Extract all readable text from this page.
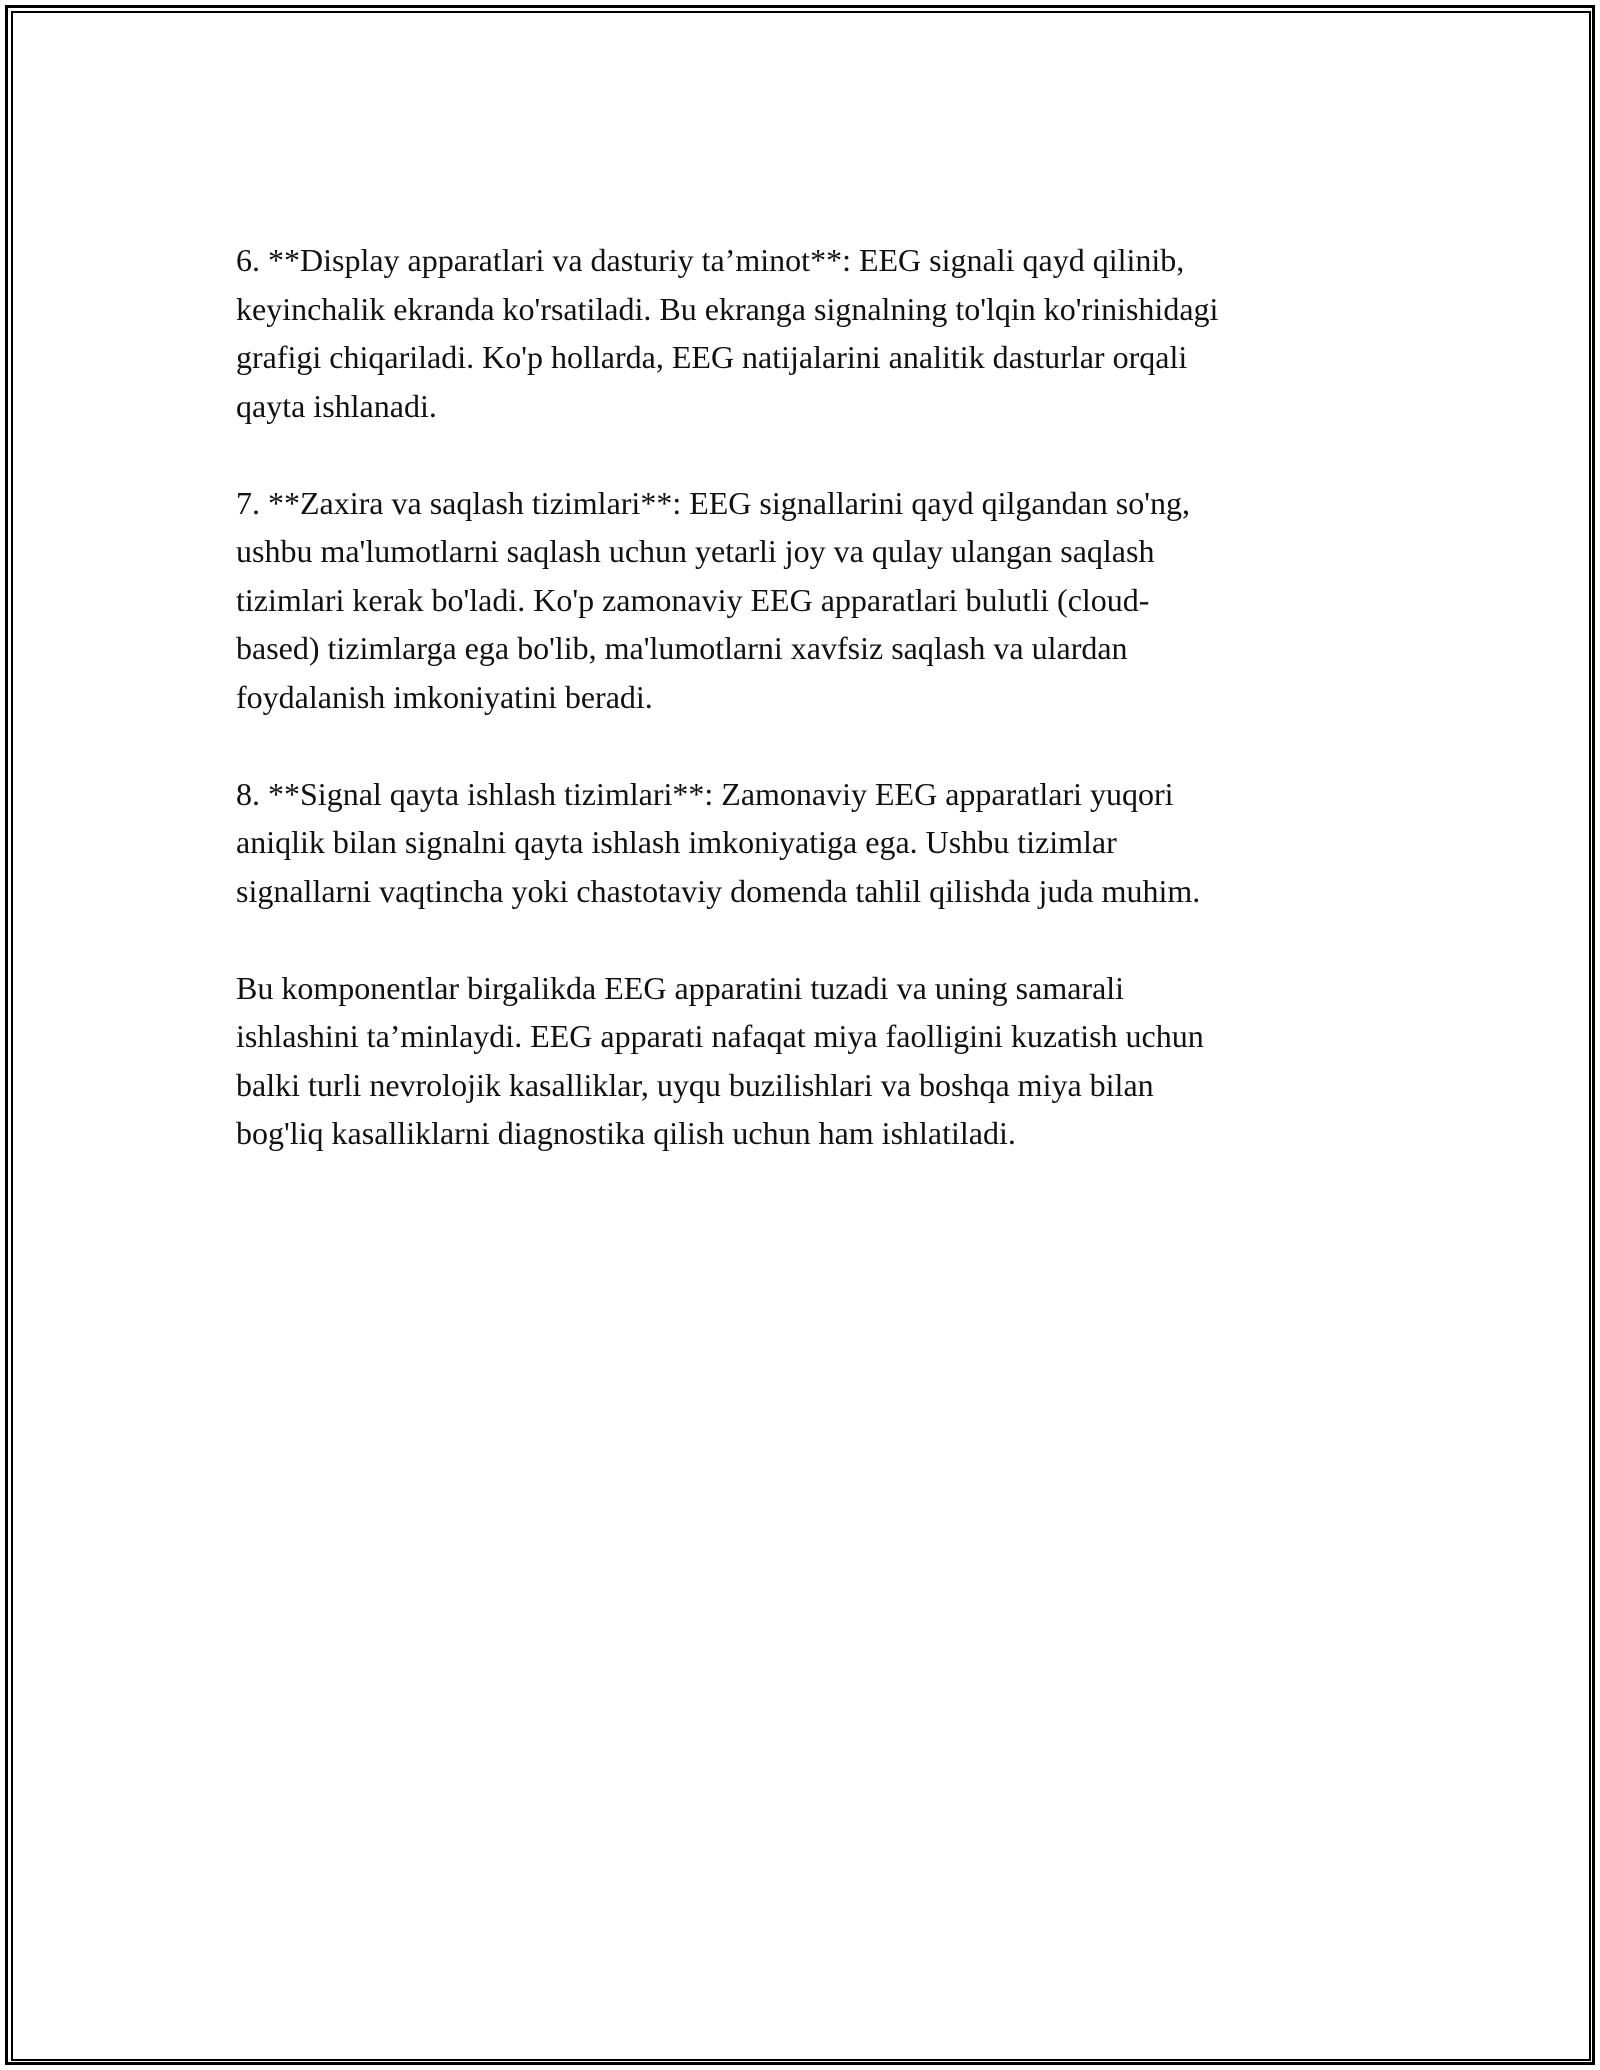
6. **Display apparatlari va dasturiy ta’minot**: EEG signali qayd qilinib,
keyinchalik ekranda ko'rsatiladi. Bu ekranga signalning to'lqin ko'rinishidagi
grafigi chiqariladi. Ko'p hollarda, EEG natijalarini analitik dasturlar orqali
qayta ishlanadi.

7. **Zaxira va saqlash tizimlari**: EEG signallarini qayd qilgandan so'ng,
ushbu ma'lumotlarni saqlash uchun yetarli joy va qulay ulangan saqlash
tizimlari kerak bo'ladi. Ko'p zamonaviy EEG apparatlari bulutli (cloud-
based) tizimlarga ega bo'lib, ma'lumotlarni xavfsiz saqlash va ulardan
foydalanish imkoniyatini beradi.

8. **Signal qayta ishlash tizimlari**: Zamonaviy EEG apparatlari yuqori
aniqlik bilan signalni qayta ishlash imkoniyatiga ega. Ushbu tizimlar
signallarni vaqtincha yoki chastotaviy domenda tahlil qilishda juda muhim.

Bu komponentlar birgalikda EEG apparatini tuzadi va uning samarali
ishlashini ta’minlaydi. EEG apparati nafaqat miya faolligini kuzatish uchun
balki turli nevrolojik kasalliklar, uyqu buzilishlari va boshqa miya bilan
bog'liq kasalliklarni diagnostika qilish uchun ham ishlatiladi.
